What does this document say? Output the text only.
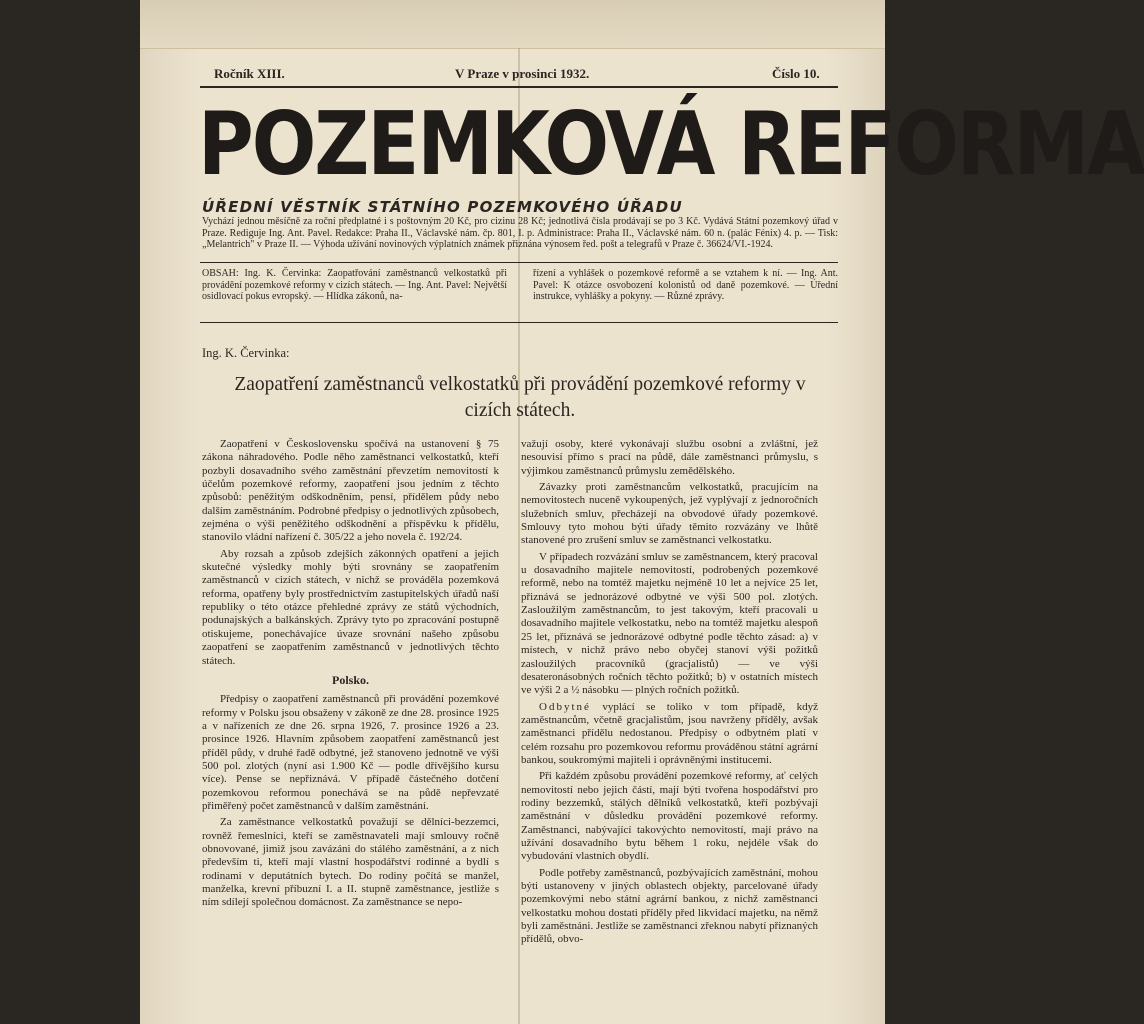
Ročník XIII.	V Praze v prosinci 1932.	Číslo 10.
POZEMKOVÁ REFORMA
ÚŘEDNÍ VĚSTNÍK STÁTNÍHO POZEMKOVÉHO ÚŘADU
Vychází jednou měsíčně za roční předplatné i s poštovným 20 Kč, pro cizinu 28 Kč; jednotlivá čísla prodávají se po 3 Kč. Vydává Státní pozemkový úřad v Praze. Rediguje Ing. Ant. Pavel. Redakce: Praha II., Václavské nám. čp. 801, I. p. Administrace: Praha II., Václavské nám. 60 n. (palác Fénix) 4. p. — Tisk: „Melantrich" v Praze II. — Výhoda užívání novinových výplatních známek přiznána výnosem řed. pošt a telegrafů v Praze č. 36624/VI.-1924.
OBSAH: Ing. K. Červinka: Zaopatřování zaměstnanců velkostatků při provádění pozemkové reformy v cizích státech. — Ing. Ant. Pavel: Největší osidlovací pokus evropský. — Hlídka zákonů, na-
řízení a vyhlášek o pozemkové reformě a se vztahem k ní. — Ing. Ant. Pavel: K otázce osvobození kolonistů od daně pozemkové. — Úřední instrukce, vyhlášky a pokyny. — Různé zprávy.
Ing. K. Červinka:
Zaopatření zaměstnanců velkostatků při provádění pozemkové reformy v cizích státech.

Zaopatření v Československu spočívá na ustanovení § 75 zákona náhradového. Podle něho zaměstnanci velkostatků, kteří pozbyli dosavadního svého zaměstnání převzetím nemovitostí k účelům pozemkové reformy, zaopatření jsou jedním z těchto způsobů: peněžitým odškodněním, pensí, přídělem půdy nebo dalším zaměstnáním. Podrobné předpisy o jednotlivých způsobech, zejména o výši peněžitého odškodnění a příspěvku k přídělu, stanovilo vládní nařízení č. 305/22 a jeho novela č. 192/24.

Aby rozsah a způsob zdejších zákonných opatření a jejich skutečné výsledky mohly býti srovnány se zaopatřením zaměstnanců v cizích státech, v nichž se prováděla pozemková reforma, opatřeny byly prostřednictvím zastupitelských úřadů naší republiky o této otázce přehledné zprávy ze států východních, podunajských a balkánských. Zprávy tyto po zpracování postupně otiskujeme, ponechávajíce úvaze srovnání našeho způsobu zaopatření se zaopatřením zaměstnanců v jednotlivých těchto státech.

Polsko.

Předpisy o zaopatření zaměstnanců při provádění pozemkové reformy v Polsku jsou obsaženy v zákoně ze dne 28. prosince 1925 a v nařízeních ze dne 26. srpna 1926, 7. prosince 1926 a 23. prosince 1926. Hlavním způsobem zaopatření zaměstnanců jest příděl půdy, v druhé řadě odbytné, jež stanoveno jednotně ve výši 500 pol. zlotých (nyní asi 1.900 Kč — podle dřívějšího kursu více). Pense se nepřiznává. V případě částečného dotčení pozemkovou reformou ponechává se na půdě nepřevzaté přiměřený počet zaměstnanců v dalším zaměstnání.

Za zaměstnance velkostatků považují se dělníci-bezzemci, rovněž řemeslníci, kteří se zaměstnavateli mají smlouvy ročně obnovované, jimiž jsou zavázáni do stálého zaměstnání, a z nich především ti, kteří mají vlastní hospodářství rodinné a bydlí s rodinami v deputátních bytech. Do rodiny počítá se manžel, manželka, krevní příbuzní I. a II. stupně zaměstnance, jestliže s ním sdílejí společnou domácnost. Za zaměstnance se nepo-

važují osoby, které vykonávají službu osobní a zvláštní, jež nesouvisí přímo s prací na půdě, dále zaměstnanci průmyslu, s výjimkou zaměstnanců průmyslu zemědělského.

Závazky proti zaměstnancům velkostatků, pracujícím na nemovitostech nuceně vykoupených, jež vyplývají z jednoročních služebních smluv, přecházejí na obvodové úřady pozemkové. Smlouvy tyto mohou býti úřady těmito rozvázány ve lhůtě stanovené pro zrušení smluv se zaměstnanci velkostatku.

V případech rozvázání smluv se zaměstnancem, který pracoval u dosavadního majitele nemovitostí, podrobených pozemkové reformě, nebo na tomtéž majetku nejméně 10 let a nejvíce 25 let, přiznává se jednorázové odbytné ve výši 500 pol. zlotých. Zasloužilým zaměstnancům, to jest takovým, kteří pracovali u dosavadního majitele velkostatku, nebo na tomtéž majetku alespoň 25 let, přiznává se jednorázové odbytné podle těchto zásad: a) v místech, v nichž právo nebo obyčej stanoví výši požitků zasloužilých pracovníků (gracjalistů) — ve výši desateronásobných ročních těchto požitků; b) v ostatních místech ve výši 2 a ½ násobku — plných ročních požitků.

Odbytné vyplácí se toliko v tom případě, když zaměstnancům, včetně gracjalistům, jsou navrženy příděly, avšak zaměstnanci přídělu nedostanou. Předpisy o odbytném platí v celém rozsahu pro pozemkovou reformu prováděnou státní agrární bankou, soukromými majiteli i oprávněnými institucemi.

Při každém způsobu provádění pozemkové reformy, ať celých nemovitostí nebo jejich částí, mají býti tvořena hospodářství pro rodiny bezzemků, stálých dělníků velkostatků, kteří pozbývají zaměstnání v důsledku provádění pozemkové reformy. Zaměstnanci, nabývající takovýchto nemovitostí, mají právo na užívání dosavadního bytu během 1 roku, nejdéle však do vybudování vlastních obydlí.

Podle potřeby zaměstnanců, pozbývajících zaměstnání, mohou býti ustanoveny v jiných oblastech objekty, parcelované úřady pozemkovými nebo státní agrární bankou, z nichž zaměstnanci velkostatku mohou dostati příděly před likvidací majetku, na němž byli zaměstnáni. Jestliže se zaměstnanci zřeknou nabytí přiznaných přídělů, obvo-
